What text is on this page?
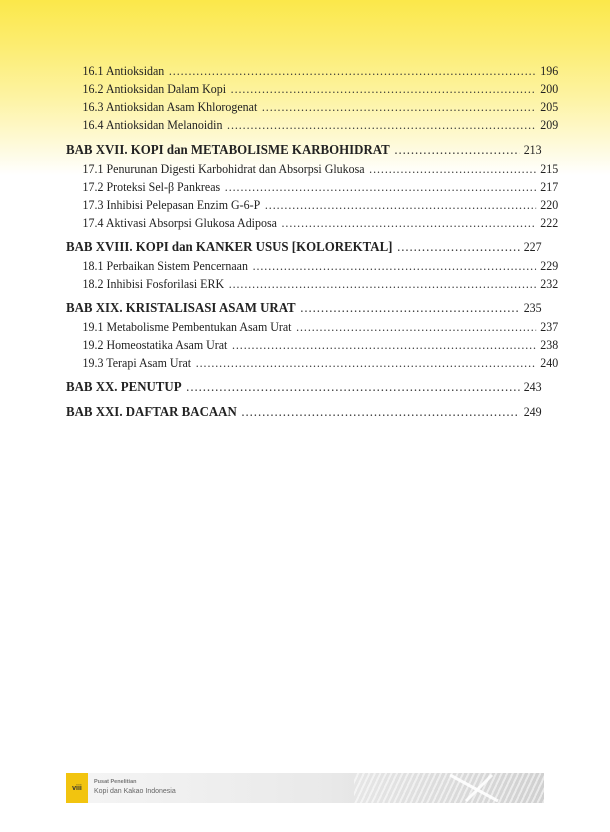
16.1 Antioksidan .....	196
16.2 Antioksidan Dalam Kopi .....	200
16.3 Antioksidan Asam Khlorogenat .....	205
16.4 Antioksidan Melanoidin .....	209
BAB XVII. KOPI dan METABOLISME KARBOHIDRAT .....	213
17.1 Penurunan Digesti Karbohidrat dan Absorpsi Glukosa .....	215
17.2 Proteksi Sel-β Pankreas .....	217
17.3 Inhibisi Pelepasan Enzim G-6-P .....	220
17.4 Aktivasi Absorpsi Glukosa Adiposa .....	222
BAB XVIII. KOPI dan KANKER USUS [KOLOREKTAL] .....	227
18.1 Perbaikan Sistem Pencernaan .....	229
18.2 Inhibisi Fosforilasi ERK .....	232
BAB XIX. KRISTALISASI ASAM URAT .....	235
19.1 Metabolisme Pembentukan Asam Urat .....	237
19.2 Homeostatika Asam Urat .....	238
19.3 Terapi Asam Urat .....	240
BAB XX. PENUTUP .....	243
BAB XXI. DAFTAR BACAAN .....	249
viii
Pusat Penelitian
Kopi dan Kakao Indonesia
